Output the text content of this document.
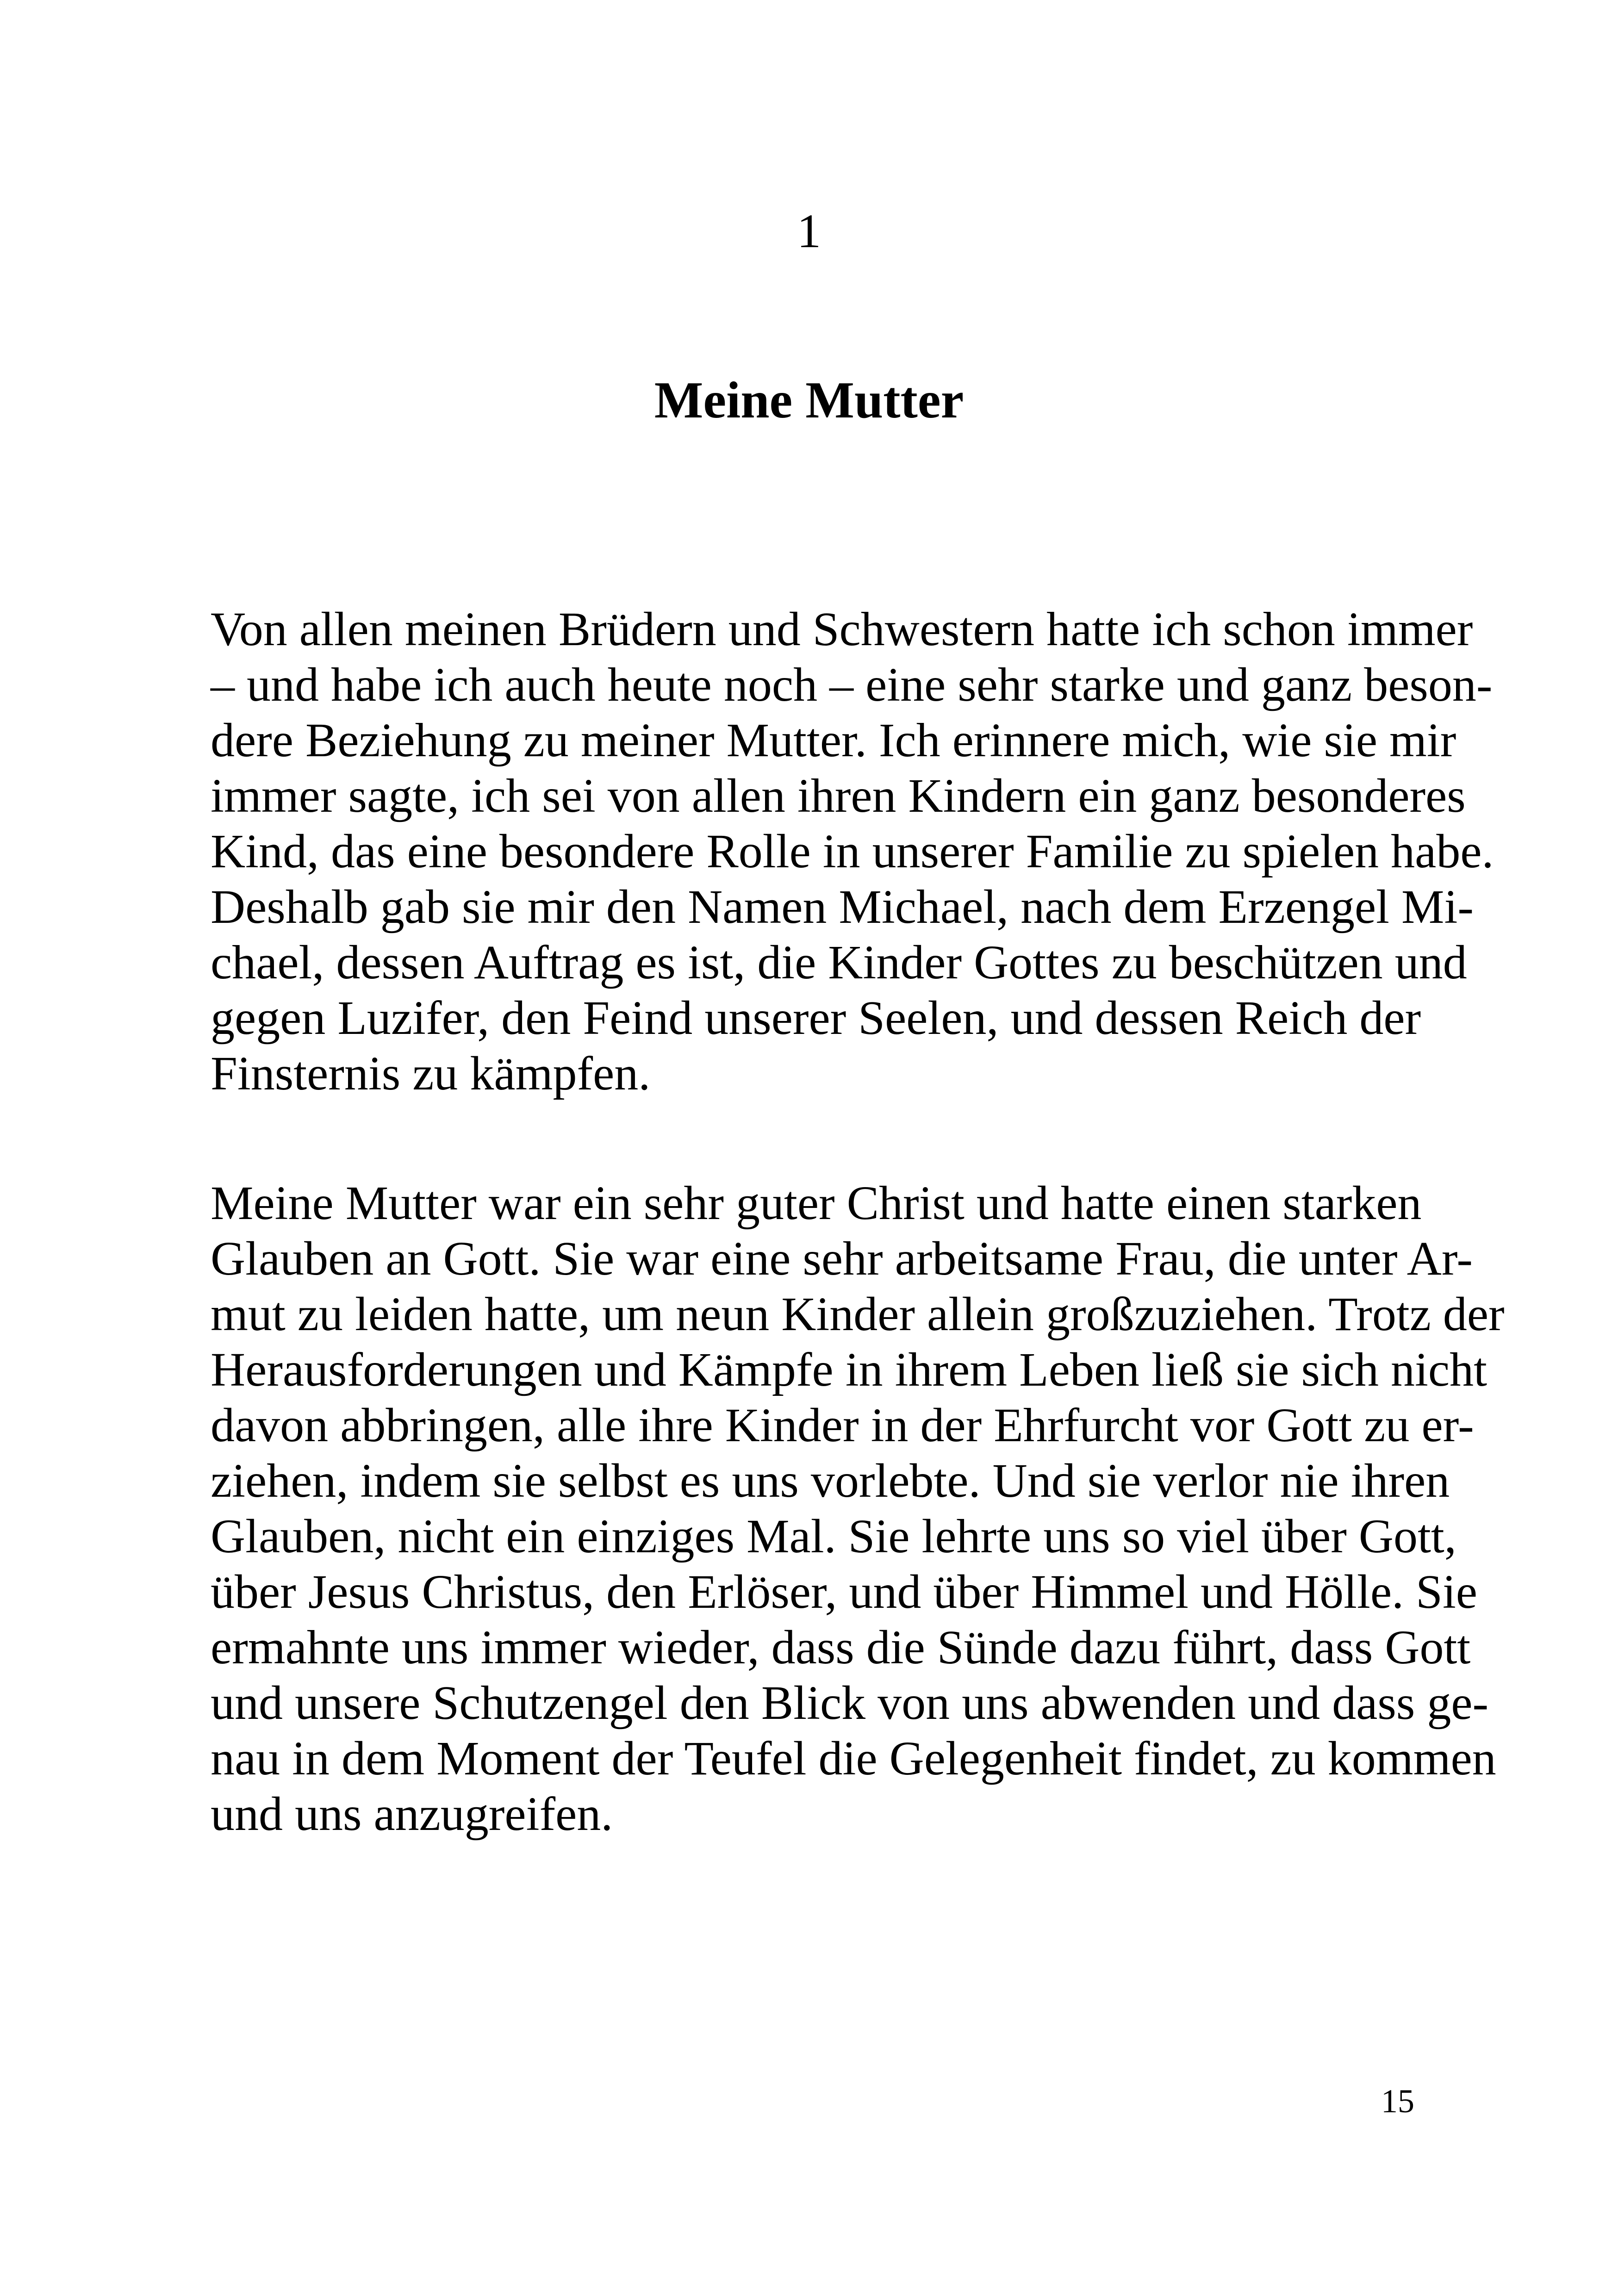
1
Meine Mutter
Von allen meinen Brüdern und Schwestern hatte ich schon immer
– und habe ich auch heute noch – eine sehr starke und ganz beson-
dere Beziehung zu meiner Mutter. Ich erinnere mich, wie sie mir
immer sagte, ich sei von allen ihren Kindern ein ganz besonderes
Kind, das eine besondere Rolle in unserer Familie zu spielen habe.
Deshalb gab sie mir den Namen Michael, nach dem Erzengel Mi-
chael, dessen Auftrag es ist, die Kinder Gottes zu beschützen und
gegen Luzifer, den Feind unserer Seelen, und dessen Reich der
Finsternis zu kämpfen.
Meine Mutter war ein sehr guter Christ und hatte einen starken
Glauben an Gott. Sie war eine sehr arbeitsame Frau, die unter Ar-
mut zu leiden hatte, um neun Kinder allein großzuziehen. Trotz der
Herausforderungen und Kämpfe in ihrem Leben ließ sie sich nicht
davon abbringen, alle ihre Kinder in der Ehrfurcht vor Gott zu er-
ziehen, indem sie selbst es uns vorlebte. Und sie verlor nie ihren
Glauben, nicht ein einziges Mal. Sie lehrte uns so viel über Gott,
über Jesus Christus, den Erlöser, und über Himmel und Hölle. Sie
ermahnte uns immer wieder, dass die Sünde dazu führt, dass Gott
und unsere Schutzengel den Blick von uns abwenden und dass ge-
nau in dem Moment der Teufel die Gelegenheit findet, zu kommen
und uns anzugreifen.
15
